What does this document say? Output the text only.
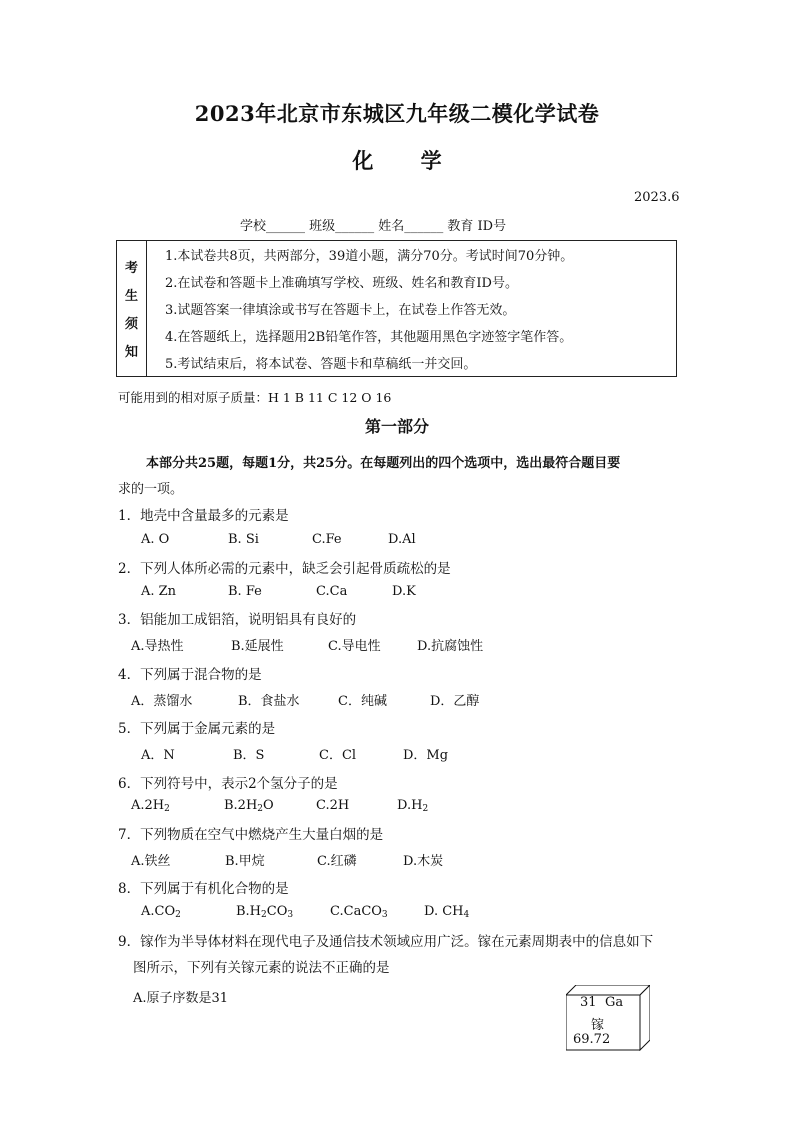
2023年北京市东城区九年级二模化学试卷
化 学
2023.6
学校______ 班级______ 姓名______ 教育 ID号
考
生
须
知
1.本试卷共8页，共两部分，39道小题，满分70分。考试时间70分钟。
2.在试卷和答题卡上准确填写学校、班级、姓名和教育ID号。
3.试题答案一律填涂或书写在答题卡上，在试卷上作答无效。
4.在答题纸上，选择题用2B铅笔作答，其他题用黑色字迹签字笔作答。
5.考试结束后，将本试卷、答题卡和草稿纸一并交回。
可能用到的相对原子质量：H 1 B 11 C 12 O 16
第一部分
本部分共25题，每题1分，共25分。在每题列出的四个选项中，选出最符合题目要
求的一项。
1．地壳中含量最多的元素是
A. O	B. Si	C.Fe	D.Al
2．下列人体所必需的元素中，缺乏会引起骨质疏松的是
A. Zn	B. Fe	C.Ca	D.K
3．铝能加工成铝箔，说明铝具有良好的
A.导热性	B.延展性	C.导电性	D.抗腐蚀性
4．下列属于混合物的是
A．蒸馏水	B．食盐水	C．纯碱	D．乙醇
5．下列属于金属元素的是
A．N	B．S	C．Cl	D．Mg
6．下列符号中，表示2个氢分子的是
$A.2H_2$	$B.2H_2O$	C.2H	$D.H_2$
7．下列物质在空气中燃烧产生大量白烟的是
A.铁丝	B.甲烷	C.红磷	D.木炭
8．下列属于有机化合物的是
$A.CO_2$	$B.H_2CO_3$	C.CaCO$_3$	D. $CH_4$
9．镓作为半导体材料在现代电子及通信技术领域应用广泛。镓在元素周期表中的信息如下
图所示，下列有关镓元素的说法不正确的是
A.原子序数是31	31 Ga
镓
69.72
